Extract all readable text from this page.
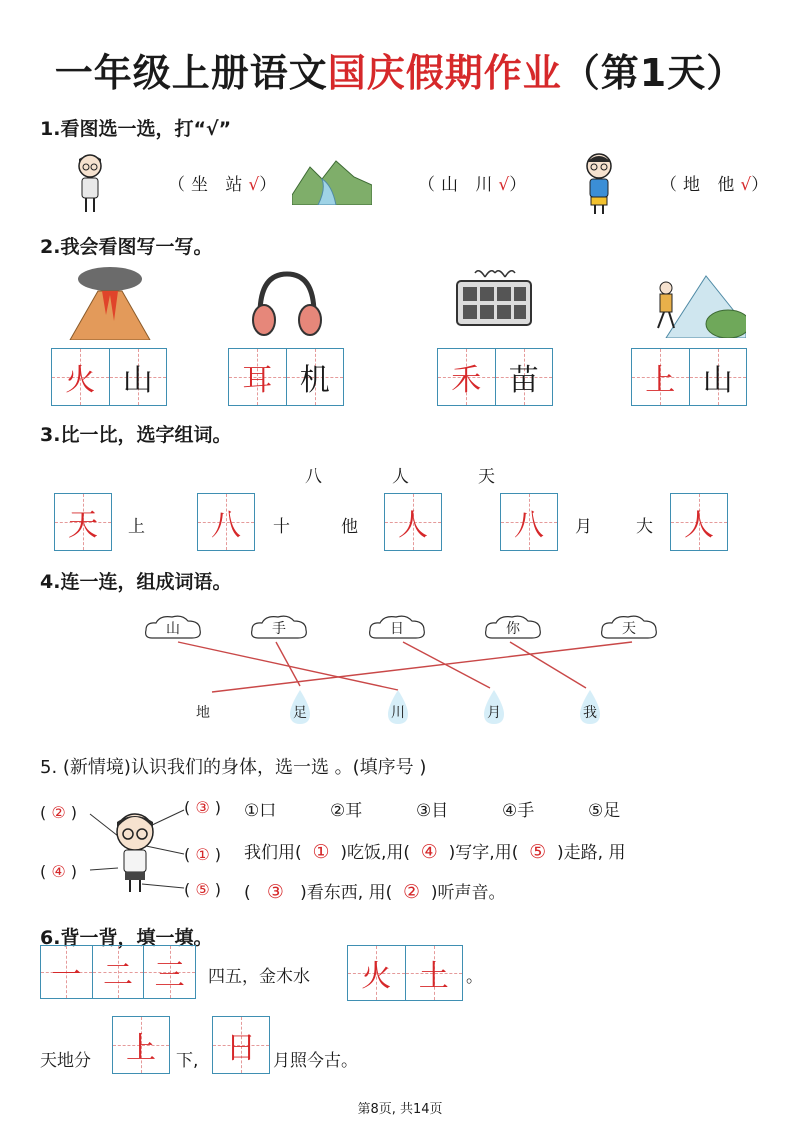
一年级上册语文国庆假期作业（第1天）
1.看图选一选，打“√”
（坐 站√）	（山 川√）	（地 他√）
2.我会看图写一写。
火 山	耳 机	禾 苗	上 山
3.比一比，选字组词。
八	人	天
天 上 八 十	他 人	八 月	大 人
4.连一连，组成词语。
山	手	日	你	天
地	足	川	月	我
5. (新情境)认识我们的身体，选一选 。(填序号 )
( ② )	( ③ )
( ① )
( ④ )
( ⑤ )
①口	②耳	③目	④手	⑤足
我们用( ① )吃饭,用( ④ )写字,用( ⑤ )走路, 用
( ③ )看东西, 用( ② )听声音。
6.背一背，填一填。
一 二 三 四五，金木水 火 土 。
天地分 上 下, 日 月照今古。
第8页, 共14页
